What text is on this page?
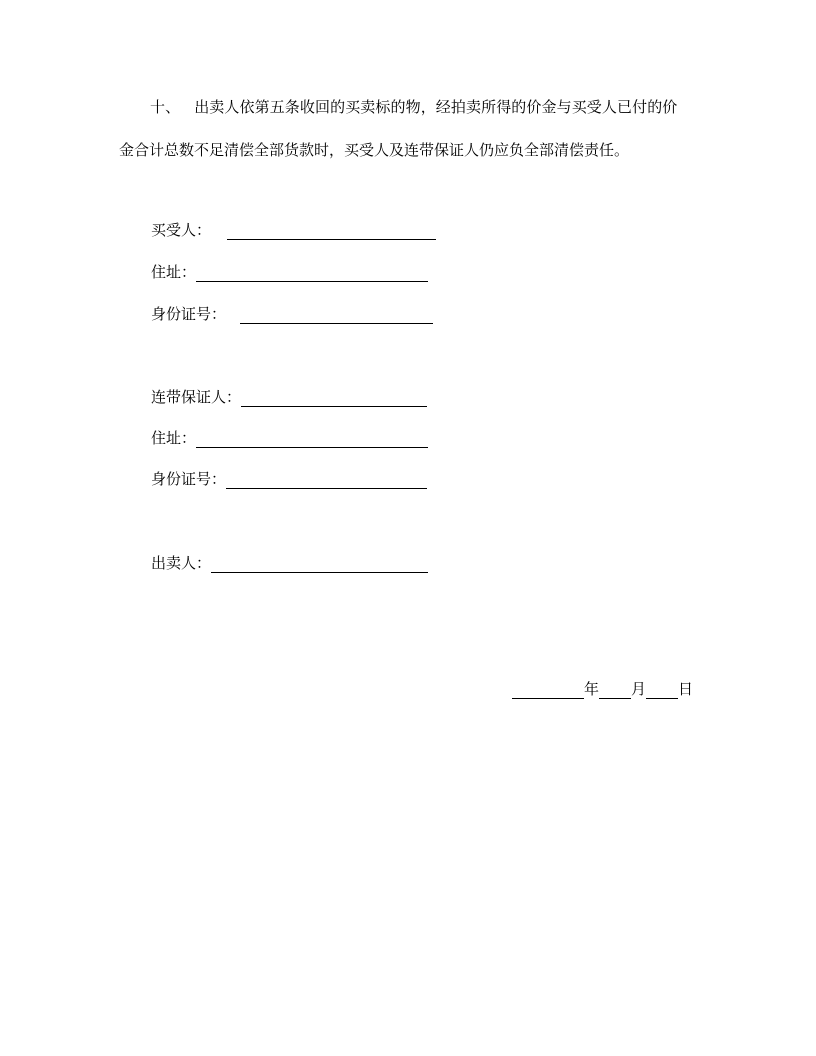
十、 出卖人依第五条收回的买卖标的物，经拍卖所得的价金与买受人已付的价
金合计总数不足清偿全部货款时，买受人及连带保证人仍应负全部清偿责任。
买受人：
住址：
身份证号：
连带保证人：
住址：
身份证号：
出卖人：
年 月 日
